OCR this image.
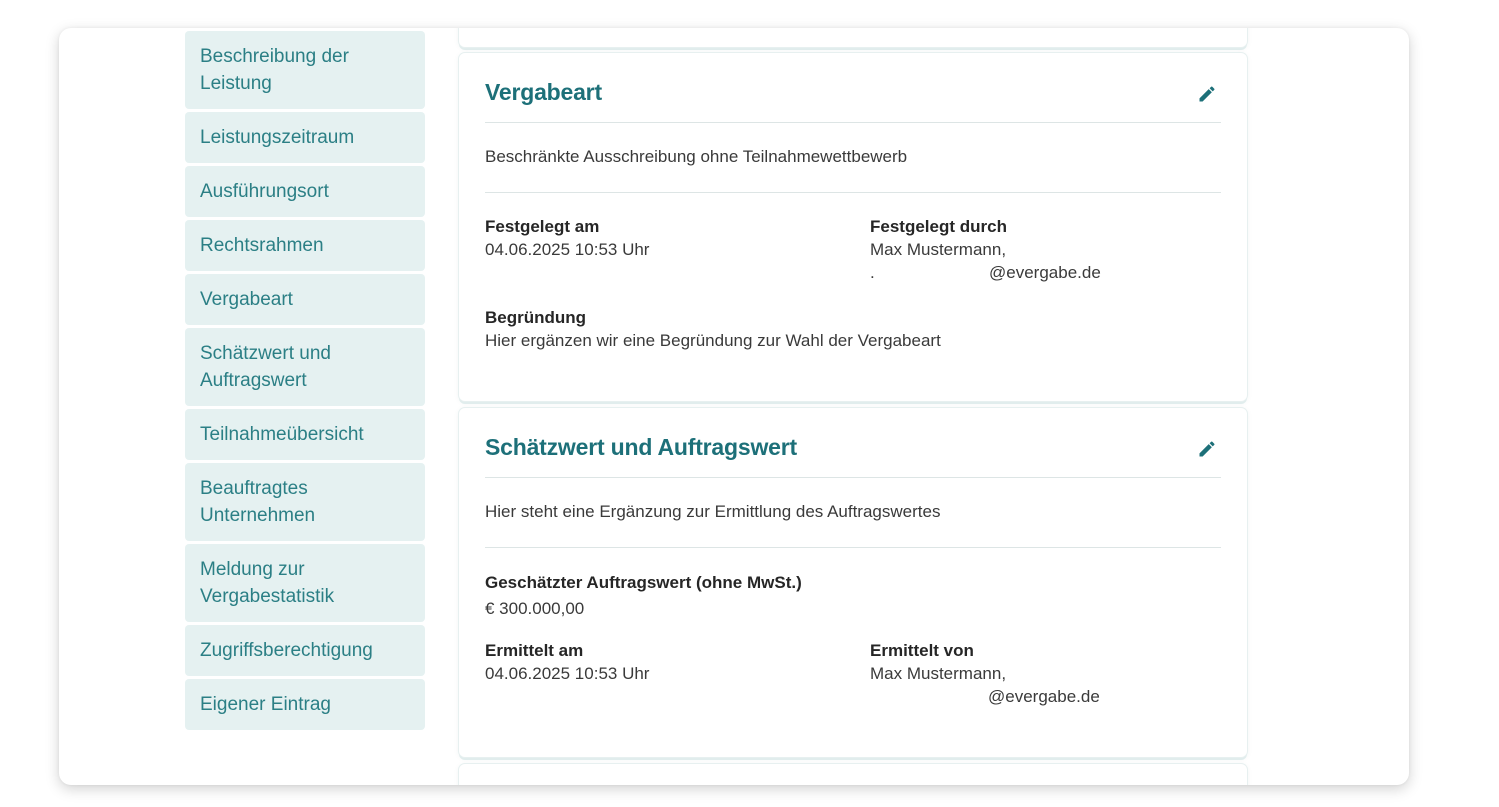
Beschreibung der Leistung
Leistungszeitraum
Ausführungsort
Rechtsrahmen
Vergabeart
Schätzwert und Auftragswert
Teilnahmeübersicht
Beauftragtes Unternehmen
Meldung zur Vergabestatistik
Zugriffsberechtigung
Eigener Eintrag
Vergabeart
Beschränkte Ausschreibung ohne Teilnahmewettbewerb
Festgelegt am
04.06.2025 10:53 Uhr
Festgelegt durch
Max Mustermann,
.	@evergabe.de
Begründung
Hier ergänzen wir eine Begründung zur Wahl der Vergabeart
Schätzwert und Auftragswert
Hier steht eine Ergänzung zur Ermittlung des Auftragswertes
Geschätzter Auftragswert (ohne MwSt.)
€ 300.000,00
Ermittelt am
04.06.2025 10:53 Uhr
Ermittelt von
Max Mustermann,
@evergabe.de
